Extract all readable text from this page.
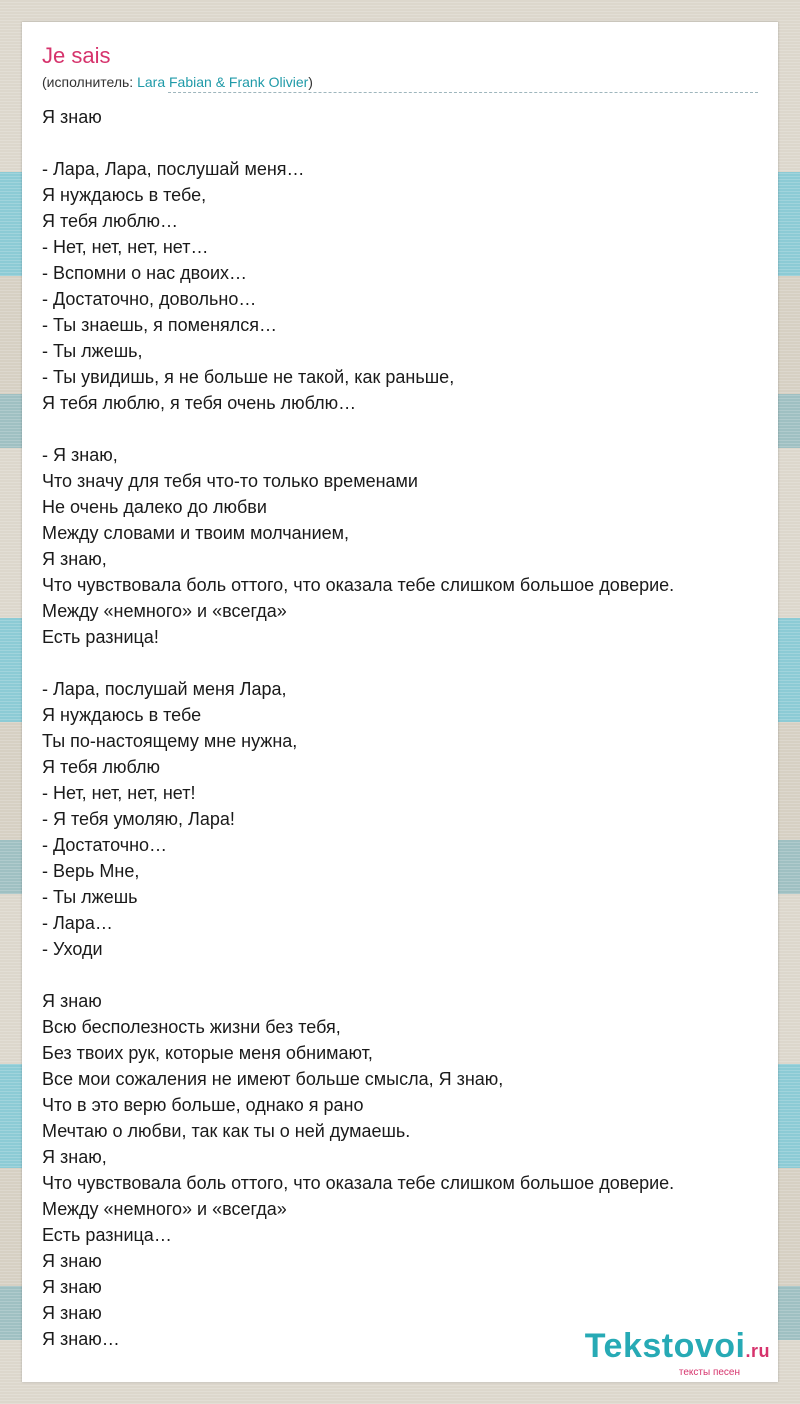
Je sais
(исполнитель: Lara Fabian & Frank Olivier)
Я знаю
- Лара, Лара, послушай меня…
Я нуждаюсь в тебе,
Я тебя люблю…
- Нет, нет, нет, нет…
- Вспомни о нас двоих…
- Достаточно, довольно…
- Ты знаешь, я поменялся…
- Ты лжешь,
- Ты увидишь, я не больше не такой, как раньше,
Я тебя люблю, я тебя очень люблю…
- Я знаю,
Что значу для тебя что-то только временами
Не очень далеко до любви
Между словами и твоим молчанием,
Я знаю,
Что чувствовала боль оттого, что оказала тебе слишком большое доверие.
Между «немного» и «всегда»
Есть разница!
- Лара, послушай меня Лара,
Я нуждаюсь в тебе
Ты по-настоящему мне нужна,
Я тебя люблю
- Нет, нет, нет, нет!
- Я тебя умоляю, Лара!
- Достаточно…
- Верь Мне,
- Ты лжешь
- Лара…
- Уходи
Я знаю
Всю бесполезность жизни без тебя,
Без твоих рук, которые меня обнимают,
Все мои сожаления не имеют больше смысла, Я знаю,
Что в это верю больше, однако я рано
Мечтаю о любви, так как ты о ней думаешь.
Я знаю,
Что чувствовала боль оттого, что оказала тебе слишком большое доверие.
Между «немного» и «всегда»
Есть разница…
Я знаю
Я знаю
Я знаю
Я знаю…	Tekstovoi.ru
тексты песен
